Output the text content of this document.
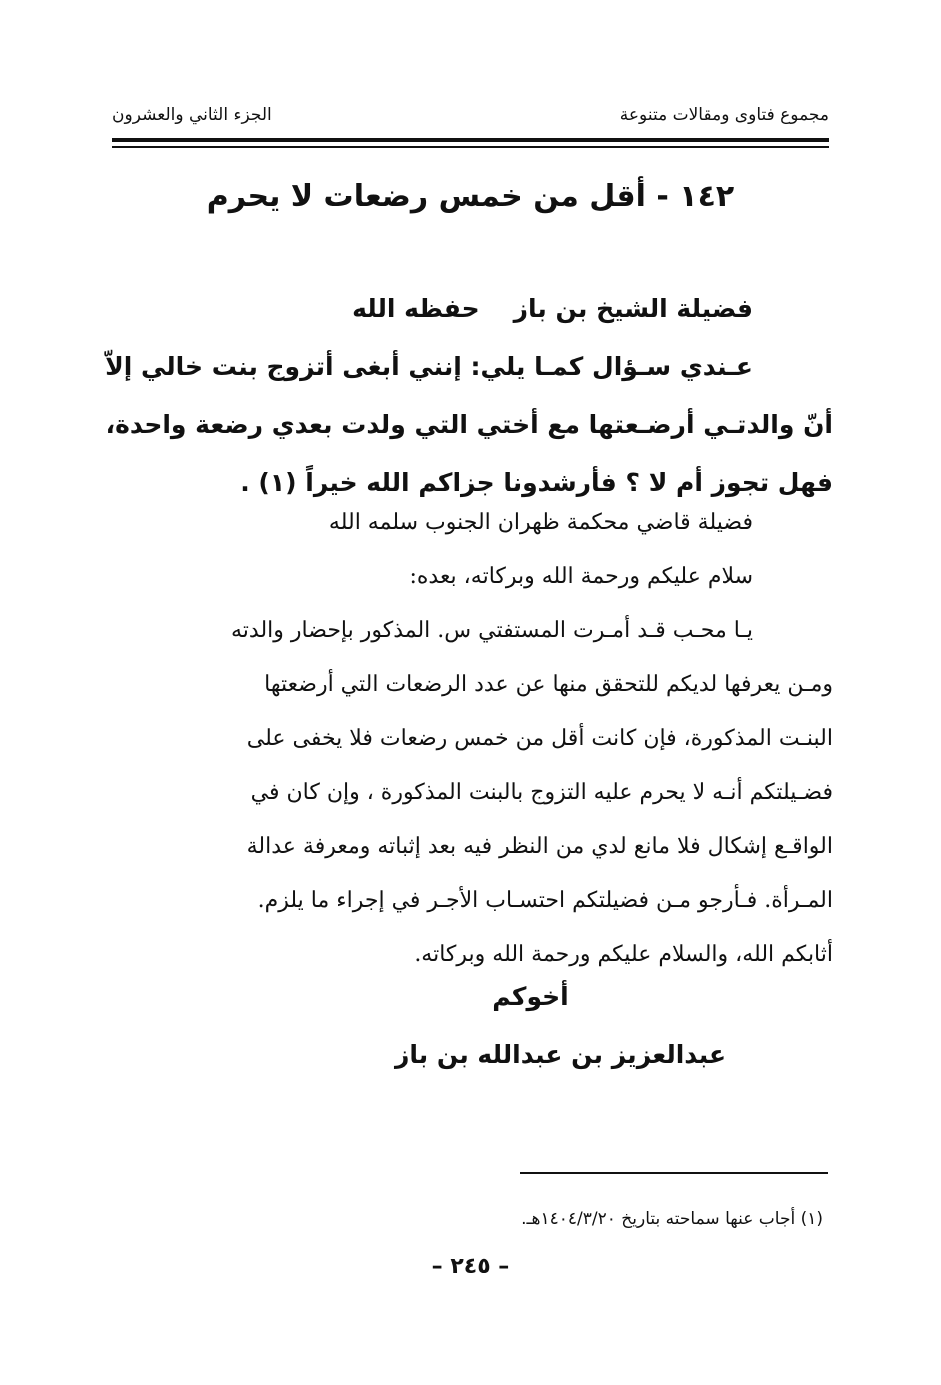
مجموع فتاوى ومقالات متنوعة
الجزء الثاني والعشرون
١٤٢ - أقل من خمس رضعات لا يحرم
فضيلة الشيخ بن بازحفظه الله
عـندي سـؤال كمـا يلي: إنني أبغى أتزوج بنت خالي إلاّ
أنّ والدتـي أرضـعتها مع أختي التي ولدت بعدي رضعة واحدة،
فهل تجوز أم لا ؟ فأرشدونا جزاكم الله خيراً (١) .
فضيلة قاضي محكمة ظهران الجنوب سلمه الله
سلام عليكم ورحمة الله وبركاته، بعده:
يـا محـب قـد أمـرت المستفتي س. المذكور بإحضار والدته
ومـن يعرفها لديكم للتحقق منها عن عدد الرضعات التي أرضعتها
البنـت المذكورة، فإن كانت أقل من خمس رضعات فلا يخفى على
فضـيلتكم أنـه لا يحرم عليه التزوج بالبنت المذكورة ، وإن كان في
الواقـع إشكال فلا مانع لدي من النظر فيه بعد إثباته ومعرفة عدالة
المـرأة. فـأرجو مـن فضيلتكم احتسـاب الأجـر في إجراء ما يلزم.
أثابكم الله، والسلام عليكم ورحمة الله وبركاته.
أخوكم
عبدالعزيز بن عبدالله بن باز
(١) أجاب عنها سماحته بتاريخ ١٤٠٤/٣/٢٠هـ.
– ٢٤٥ –
